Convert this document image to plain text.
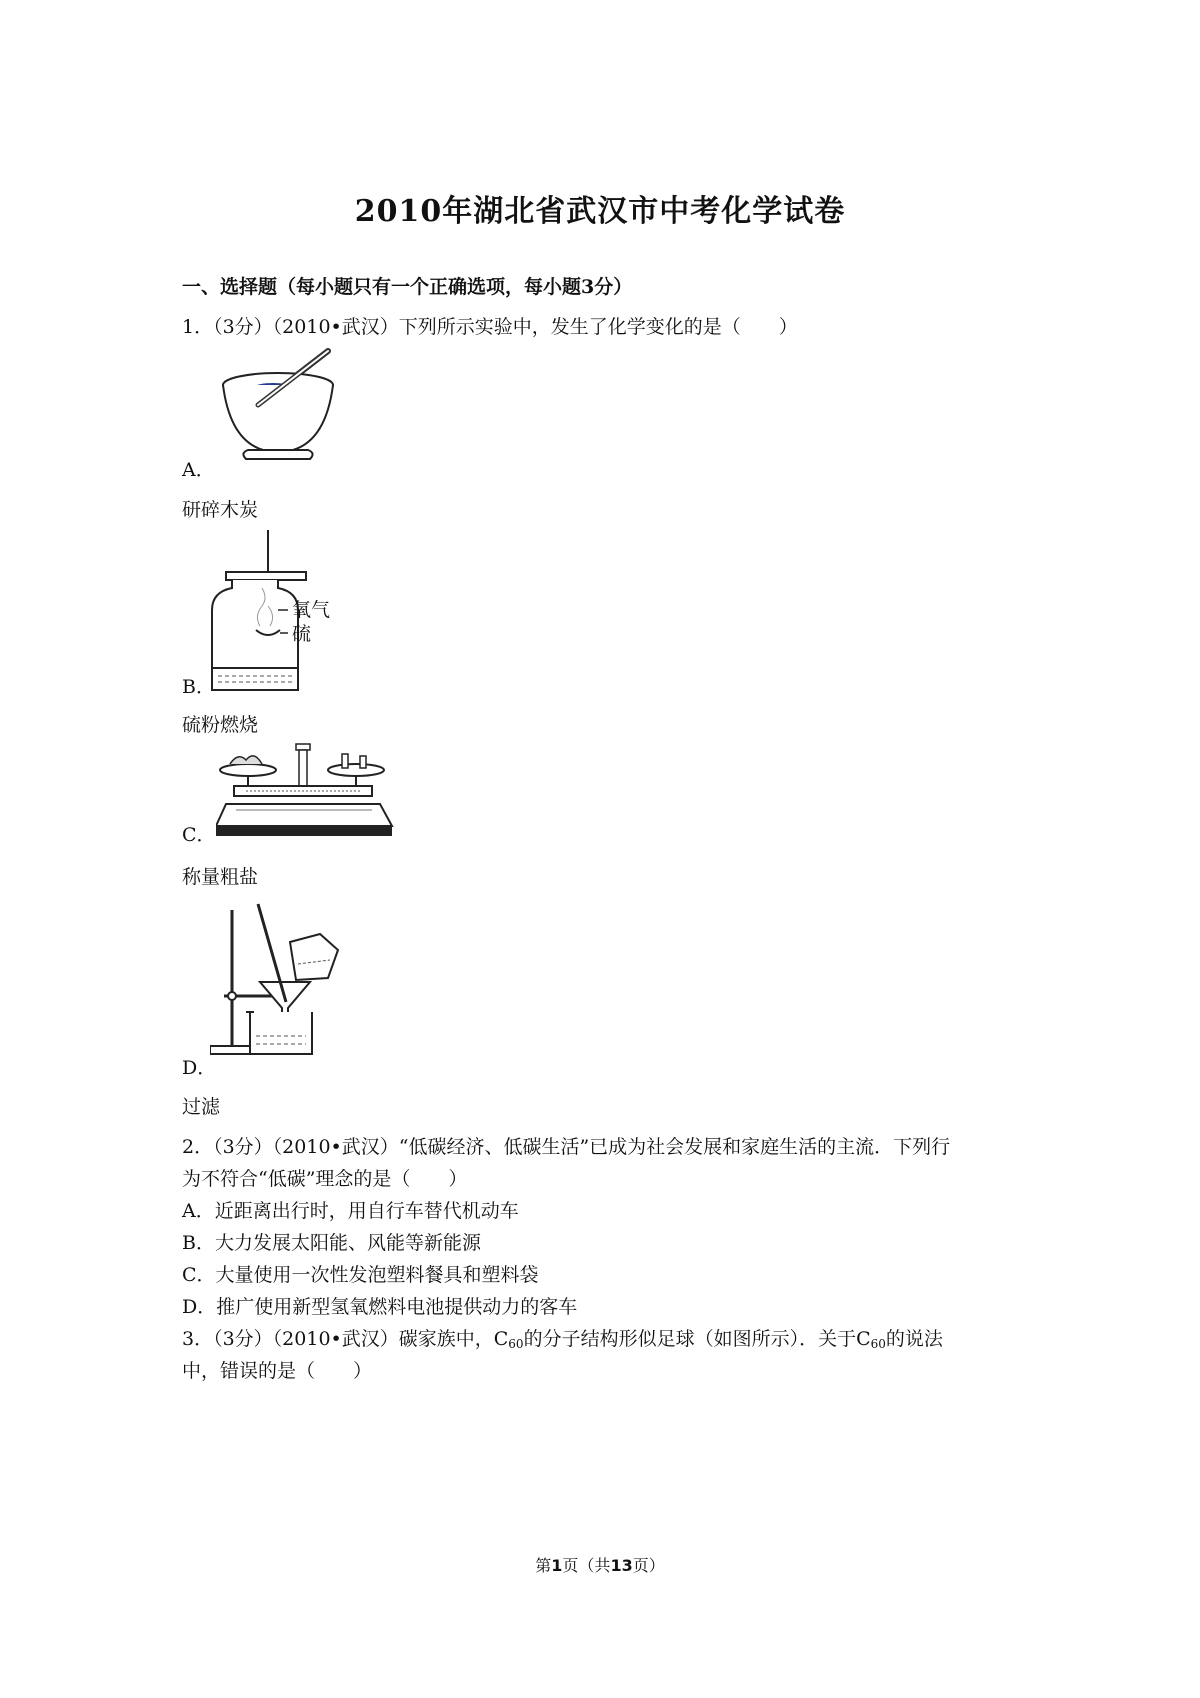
2010年湖北省武汉市中考化学试卷
一、选择题（每小题只有一个正确选项，每小题3分）
1．（3分）（2010•武汉）下列所示实验中，发生了化学变化的是（　　）
A．
研碎木炭
氧气
硫
B．
硫粉燃烧
C．
称量粗盐
D．
过滤
2．（3分）（2010•武汉）“低碳经济、低碳生活”已成为社会发展和家庭生活的主流．下列行
为不符合“低碳”理念的是（　　）
A．近距离出行时，用自行车替代机动车
B．大力发展太阳能、风能等新能源
C．大量使用一次性发泡塑料餐具和塑料袋
D．推广使用新型氢氧燃料电池提供动力的客车
3．（3分）（2010•武汉）碳家族中，$C_{60}$的分子结构形似足球（如图所示）．关于$C_{60}$的说法
中，错误的是（　　）
第1页（共13页）
